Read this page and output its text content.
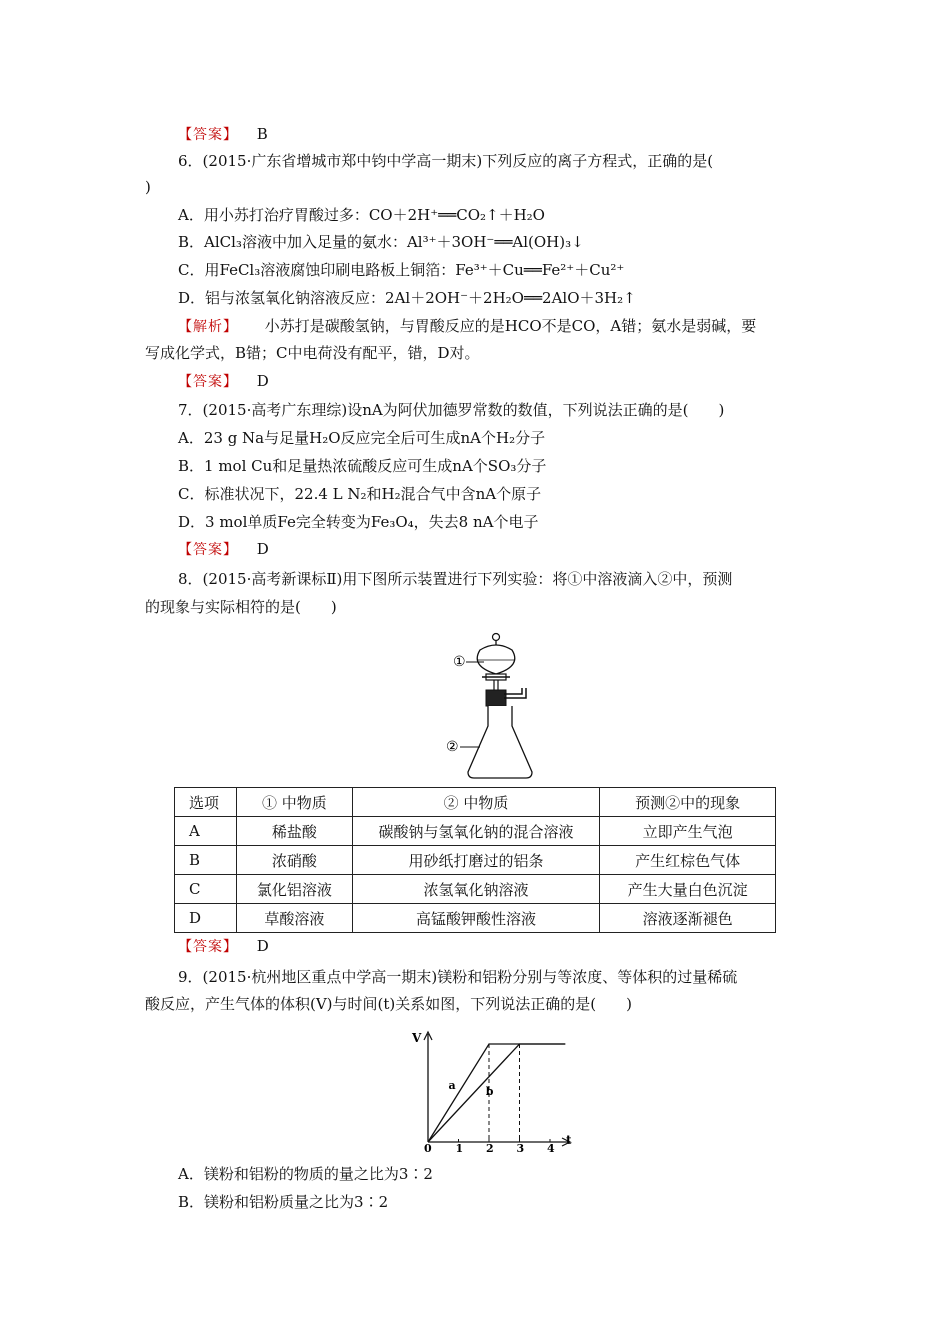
【答案】 B
6．(2015·广东省增城市郑中钧中学高一期末)下列反应的离子方程式，正确的是(
)
A．用小苏打治疗胃酸过多：CO＋2H⁺══CO₂↑＋H₂O
B．AlCl₃溶液中加入足量的氨水：Al³⁺＋3OH⁻══Al(OH)₃↓
C．用FeCl₃溶液腐蚀印刷电路板上铜箔：Fe³⁺＋Cu══Fe²⁺＋Cu²⁺
D．铝与浓氢氧化钠溶液反应：2Al＋2OH⁻＋2H₂O══2AlO＋3H₂↑
【解析】 小苏打是碳酸氢钠，与胃酸反应的是HCO不是CO，A错；氨水是弱碱，要
写成化学式，B错；C中电荷没有配平，错，D对。
【答案】 D
7．(2015·高考广东理综)设nA为阿伏加德罗常数的数值，下列说法正确的是(　　)
A．23 g Na与足量H₂O反应完全后可生成nA个H₂分子
B．1 mol Cu和足量热浓硫酸反应可生成nA个SO₃分子
C．标准状况下，22.4 L N₂和H₂混合气中含nA个原子
D．3 mol单质Fe完全转变为Fe₃O₄，失去8 nA个电子
【答案】 D
8．(2015·高考新课标Ⅱ)用下图所示装置进行下列实验：将①中溶液滴入②中，预测
的现象与实际相符的是(　　)
①
②
选项	① 中物质	② 中物质	预测②中的现象
A	稀盐酸	碳酸钠与氢氧化钠的混合溶液	立即产生气泡
B	浓硝酸	用砂纸打磨过的铝条	产生红棕色气体
C	氯化铝溶液	浓氢氧化钠溶液	产生大量白色沉淀
D	草酸溶液	高锰酸钾酸性溶液	溶液逐渐褪色
【答案】 D
9．(2015·杭州地区重点中学高一期末)镁粉和铝粉分别与等浓度、等体积的过量稀硫
酸反应，产生气体的体积(V)与时间(t)关系如图，下列说法正确的是(　　)
V
t
0 1 2 3 4
a	b
A．镁粉和铝粉的物质的量之比为3∶2
B．镁粉和铝粉质量之比为3∶2
